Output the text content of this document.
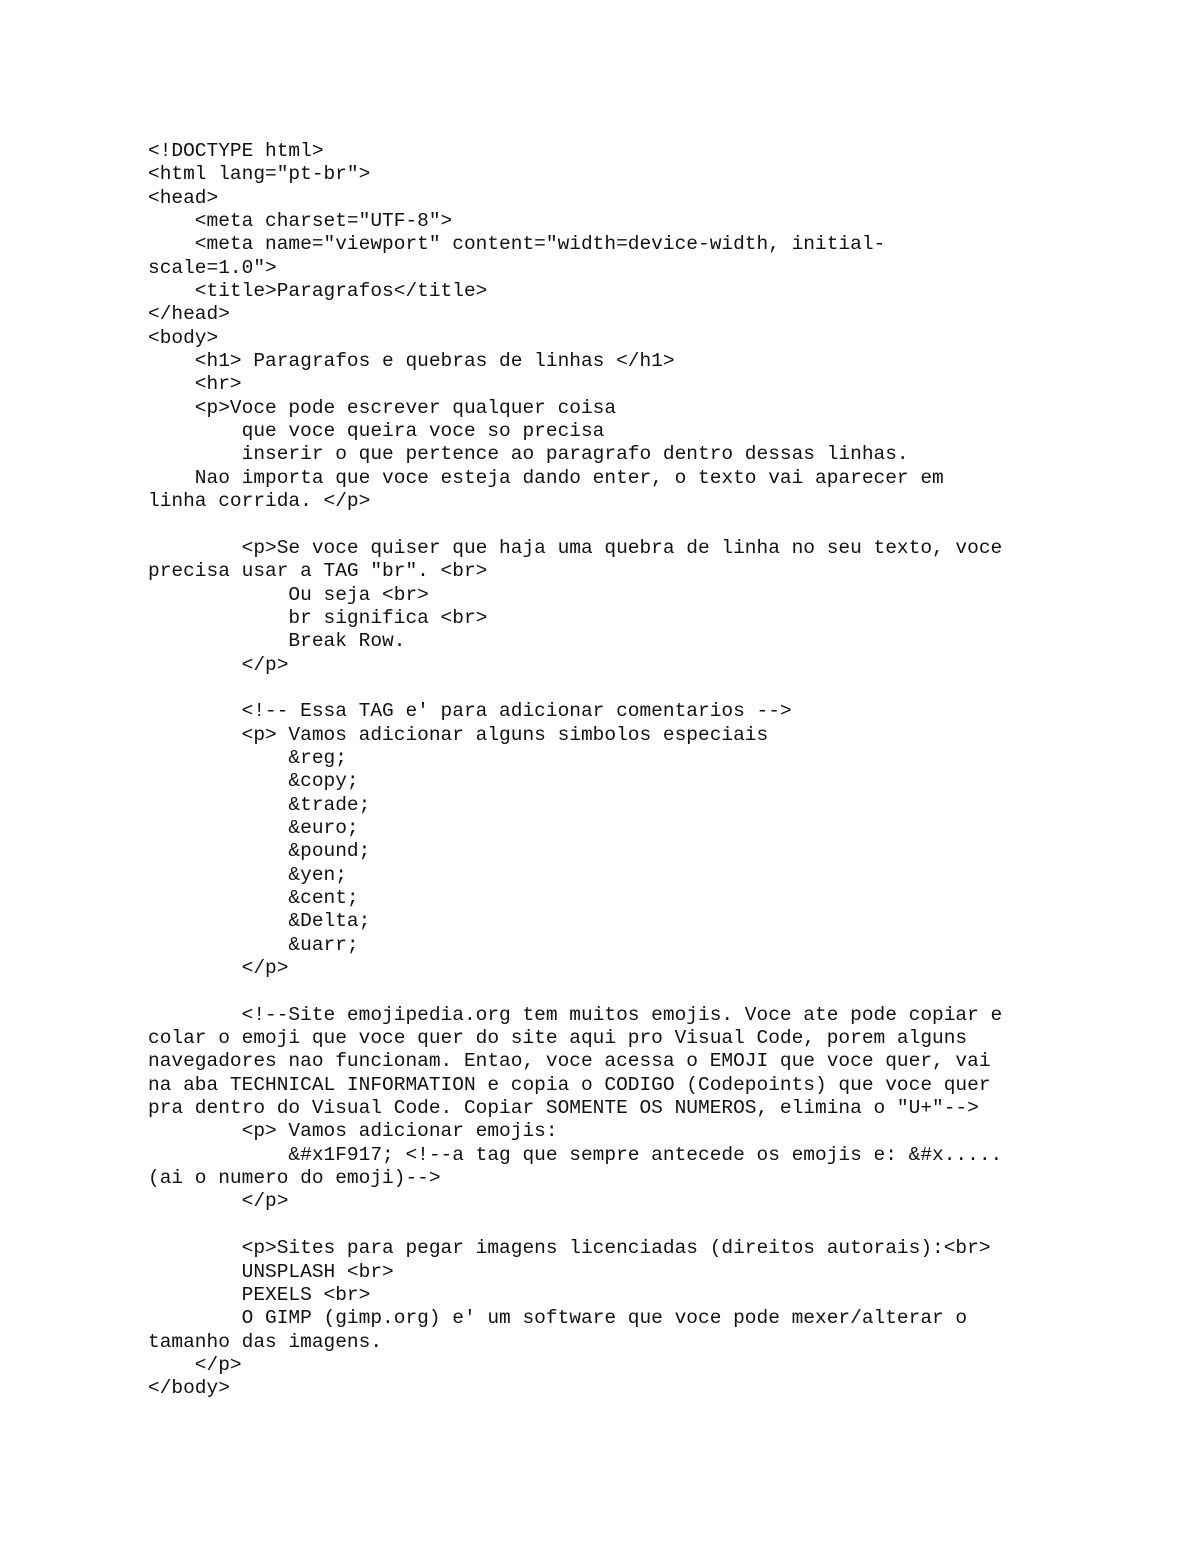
<!DOCTYPE html>
<html lang="pt-br">
<head>
<meta charset="UTF-8">
<meta name="viewport" content="width=device-width, initial-
scale=1.0">
<title>Paragrafos</title>
</head>
<body>
<h1> Paragrafos e quebras de linhas </h1>
<hr>
<p>Voce pode escrever qualquer coisa
que voce queira voce so precisa
inserir o que pertence ao paragrafo dentro dessas linhas.
Nao importa que voce esteja dando enter, o texto vai aparecer em
linha corrida. </p>
<p>Se voce quiser que haja uma quebra de linha no seu texto, voce
precisa usar a TAG "br". <br>
Ou seja <br>
br significa <br>
Break Row.
</p>
<!-- Essa TAG e' para adicionar comentarios -->
<p> Vamos adicionar alguns simbolos especiais
&reg;
&copy;
&trade;
&euro;
&pound;
&yen;
&cent;
&Delta;
&uarr;
</p>
<!--Site emojipedia.org tem muitos emojis. Voce ate pode copiar e
colar o emoji que voce quer do site aqui pro Visual Code, porem alguns
navegadores nao funcionam. Entao, voce acessa o EMOJI que voce quer, vai
na aba TECHNICAL INFORMATION e copia o CODIGO (Codepoints) que voce quer
pra dentro do Visual Code. Copiar SOMENTE OS NUMEROS, elimina o "U+"-->
<p> Vamos adicionar emojis:
&#x1F917; <!--a tag que sempre antecede os emojis e: &#x.....
(ai o numero do emoji)-->
</p>
<p>Sites para pegar imagens licenciadas (direitos autorais):<br>
UNSPLASH <br>
PEXELS <br>
O GIMP (gimp.org) e' um software que voce pode mexer/alterar o
tamanho das imagens.
</p>
</body>
